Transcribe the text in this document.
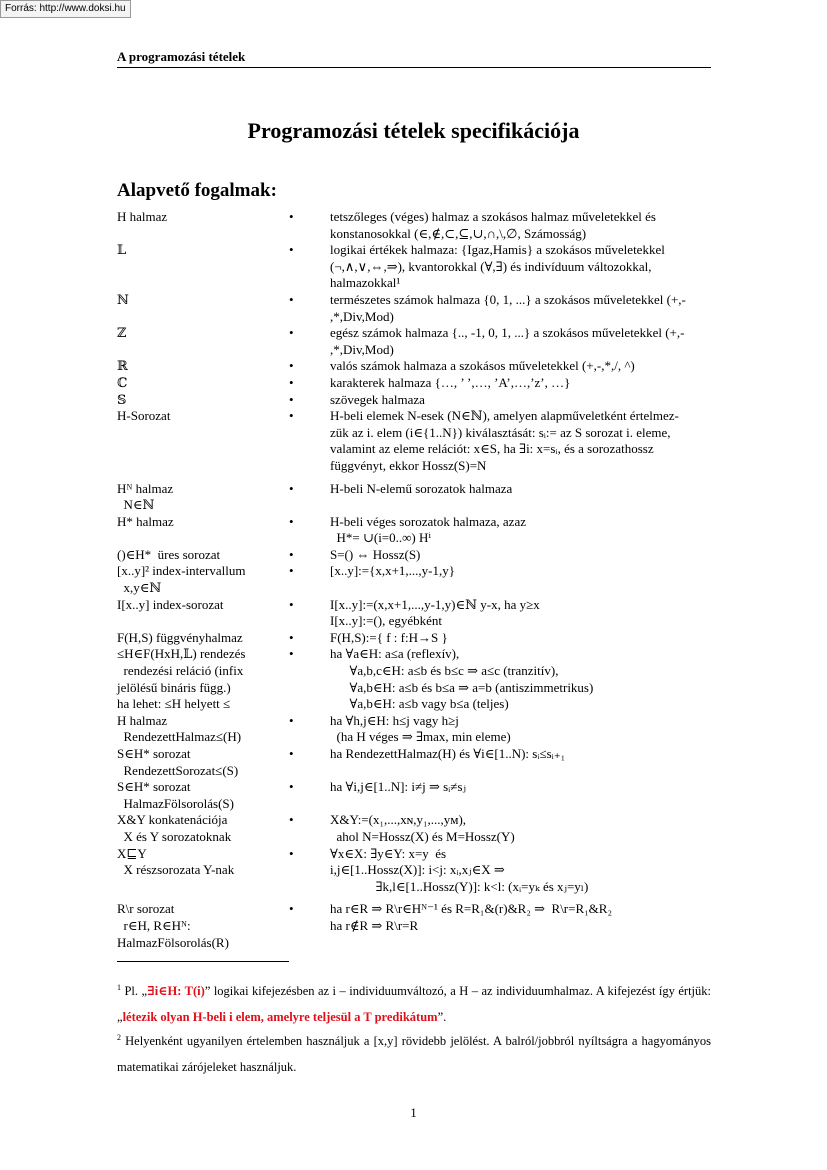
Forrás: http://www.doksi.hu
A programozási tételek
Programozási tételek specifikációja
Alapvető fogalmak:
H halmaz	•	tetszőleges (véges) halmaz a szokásos halmaz műveletekkel és
konstanosokkal (∈,∉,⊂,⊆,∪,∩,\,∅, Számosság)
𝕃	•	logikai értékek halmaza: {Igaz,Hamis} a szokásos műveletekkel
(¬,∧,∨,⇔,⇒), kvantorokkal (∀,∃) és indivíduum változokkal,
halmazokkal¹
ℕ	•	természetes számok halmaza {0, 1, ...} a szokásos műveletekkel (+,-
,*,Div,Mod)
ℤ	•	egész számok halmaza {.., -1, 0, 1, ...} a szokásos műveletekkel (+,-
,*,Div,Mod)
ℝ	•	valós számok halmaza a szokásos műveletekkel (+,-,*,/, ^)
ℂ	•	karakterek halmaza {…, ’ ’,…, ’A’,…,’z’, …}
𝕊	•	szövegek halmaza
H-Sorozat	•	H-beli elemek N-esek (N∈ℕ), amelyen alapműveletként értelmez-
zük az i. elem (i∈{1..N}) kiválasztását: sᵢ:= az S sorozat i. eleme,
valamint az eleme relációt: x∈S, ha ∃i: x=sᵢ, és a sorozathossz
függvényt, ekkor Hossz(S)=N
Hᴺ halmaz
N∈ℕ
•	H-beli N-elemű sorozatok halmaza
H* halmaz	•	H-beli véges sorozatok halmaza, azaz
H*= ∪(i=0..∞) Hⁱ
()∈H*  üres sorozat	•	S=() ⇔ Hossz(S)
[x..y]² index-intervallum
x,y∈ℕ
•	[x..y]:={x,x+1,...,y-1,y}
I[x..y] index-sorozat	•	I[x..y]:=(x,x+1,...,y-1,y)∈ℕ y-x, ha y≥x
I[x..y]:=(), egyébként
F(H,S) függvényhalmaz	•	F(H,S):={ f : f:H→S }
≤H∈F(HxH,𝕃) rendezés
rendezési reláció (infix
jelölésű bináris függ.)
ha lehet: ≤H helyett ≤
•	ha ∀a∈H: a≤a (reflexív),
∀a,b,c∈H: a≤b és b≤c ⇒ a≤c (tranzitív),
∀a,b∈H: a≤b és b≤a ⇒ a=b (antiszimmetrikus)
∀a,b∈H: a≤b vagy b≤a (teljes)
H halmaz
RendezettHalmaz≤(H)
•	ha ∀h,j∈H: h≤j vagy h≥j
(ha H véges ⇒ ∃max, min eleme)
S∈H* sorozat
RendezettSorozat≤(S)
•	ha RendezettHalmaz(H) és ∀i∈[1..N): sᵢ≤sᵢ₊₁
S∈H* sorozat
HalmazFölsorolás(S)
•	ha ∀i,j∈[1..N]: i≠j ⇒ sᵢ≠sⱼ
X&Y konkatenációja
X és Y sorozatoknak
•	X&Y:=(x₁,...,xɴ,y₁,...,yᴍ),
ahol N=Hossz(X) és M=Hossz(Y)
X⊑Y
X részsorozata Y-nak
•	∀x∈X: ∃y∈Y: x=y  és
i,j∈[1..Hossz(X)]: i<j: xᵢ,xⱼ∈X ⇒
∃k,l∈[1..Hossz(Y)]: k<l: (xᵢ=yₖ és xⱼ=yₗ)
R\r sorozat
r∈H, R∈Hᴺ:
HalmazFölsorolás(R)
•	ha r∈R ⇒ R\r∈Hᴺ⁻¹ és R=R₁&(r)&R₂ ⇒  R\r=R₁&R₂
ha r∉R ⇒ R\r=R
$^1$ Pl. „∃i∈H: T(i)” logikai kifejezésben az i – individuumváltozó, a H – az individuumhalmaz. A kifejezést így értjük: „létezik olyan H-beli i elem, amelyre teljesül a T predikátum”.
$^2$ Helyenként ugyanilyen értelemben használjuk a [x,y] rövidebb jelölést. A balról/jobbról nyíltságra a hagyományos matematikai zárójeleket használjuk.
1
